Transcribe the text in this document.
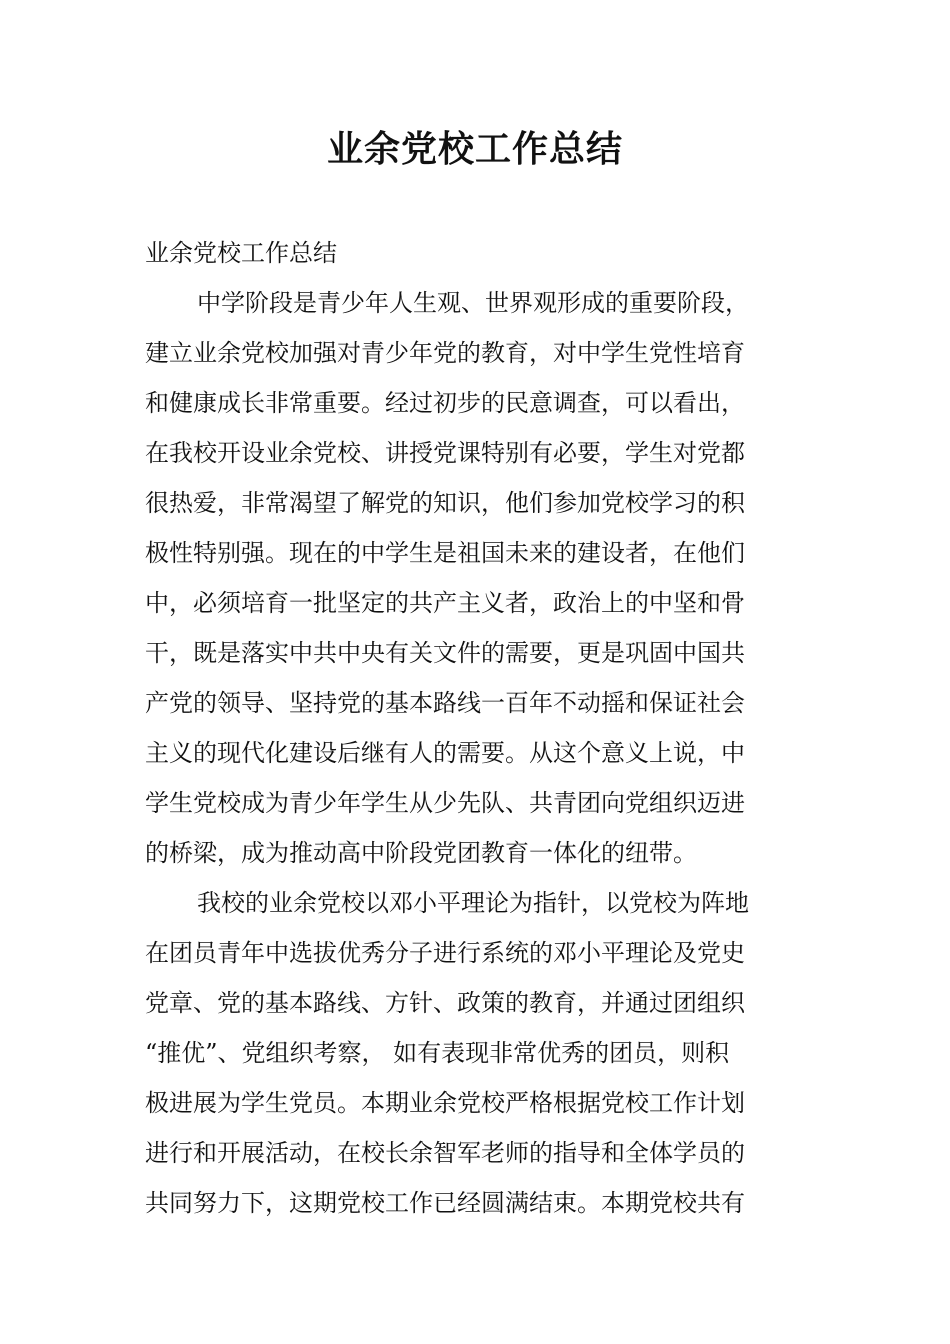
业余党校工作总结
业余党校工作总结
中学阶段是青少年人生观、世界观形成的重要阶段，
建立业余党校加强对青少年党的教育，对中学生党性培育
和健康成长非常重要。经过初步的民意调查，可以看出，
在我校开设业余党校、讲授党课特别有必要，学生对党都
很热爱，非常渴望了解党的知识，他们参加党校学习的积
极性特别强。现在的中学生是祖国未来的建设者，在他们
中，必须培育一批坚定的共产主义者，政治上的中坚和骨
干，既是落实中共中央有关文件的需要，更是巩固中国共
产党的领导、坚持党的基本路线一百年不动摇和保证社会
主义的现代化建设后继有人的需要。从这个意义上说，中
学生党校成为青少年学生从少先队、共青团向党组织迈进
的桥梁，成为推动高中阶段党团教育一体化的纽带。
我校的业余党校以邓小平理论为指针，以党校为阵地
在团员青年中选拔优秀分子进行系统的邓小平理论及党史
党章、党的基本路线、方针、政策的教育，并通过团组织
“推优”、党组织考察， 如有表现非常优秀的团员，则积
极进展为学生党员。本期业余党校严格根据党校工作计划
进行和开展活动，在校长余智军老师的指导和全体学员的
共同努力下，这期党校工作已经圆满结束。本期党校共有
